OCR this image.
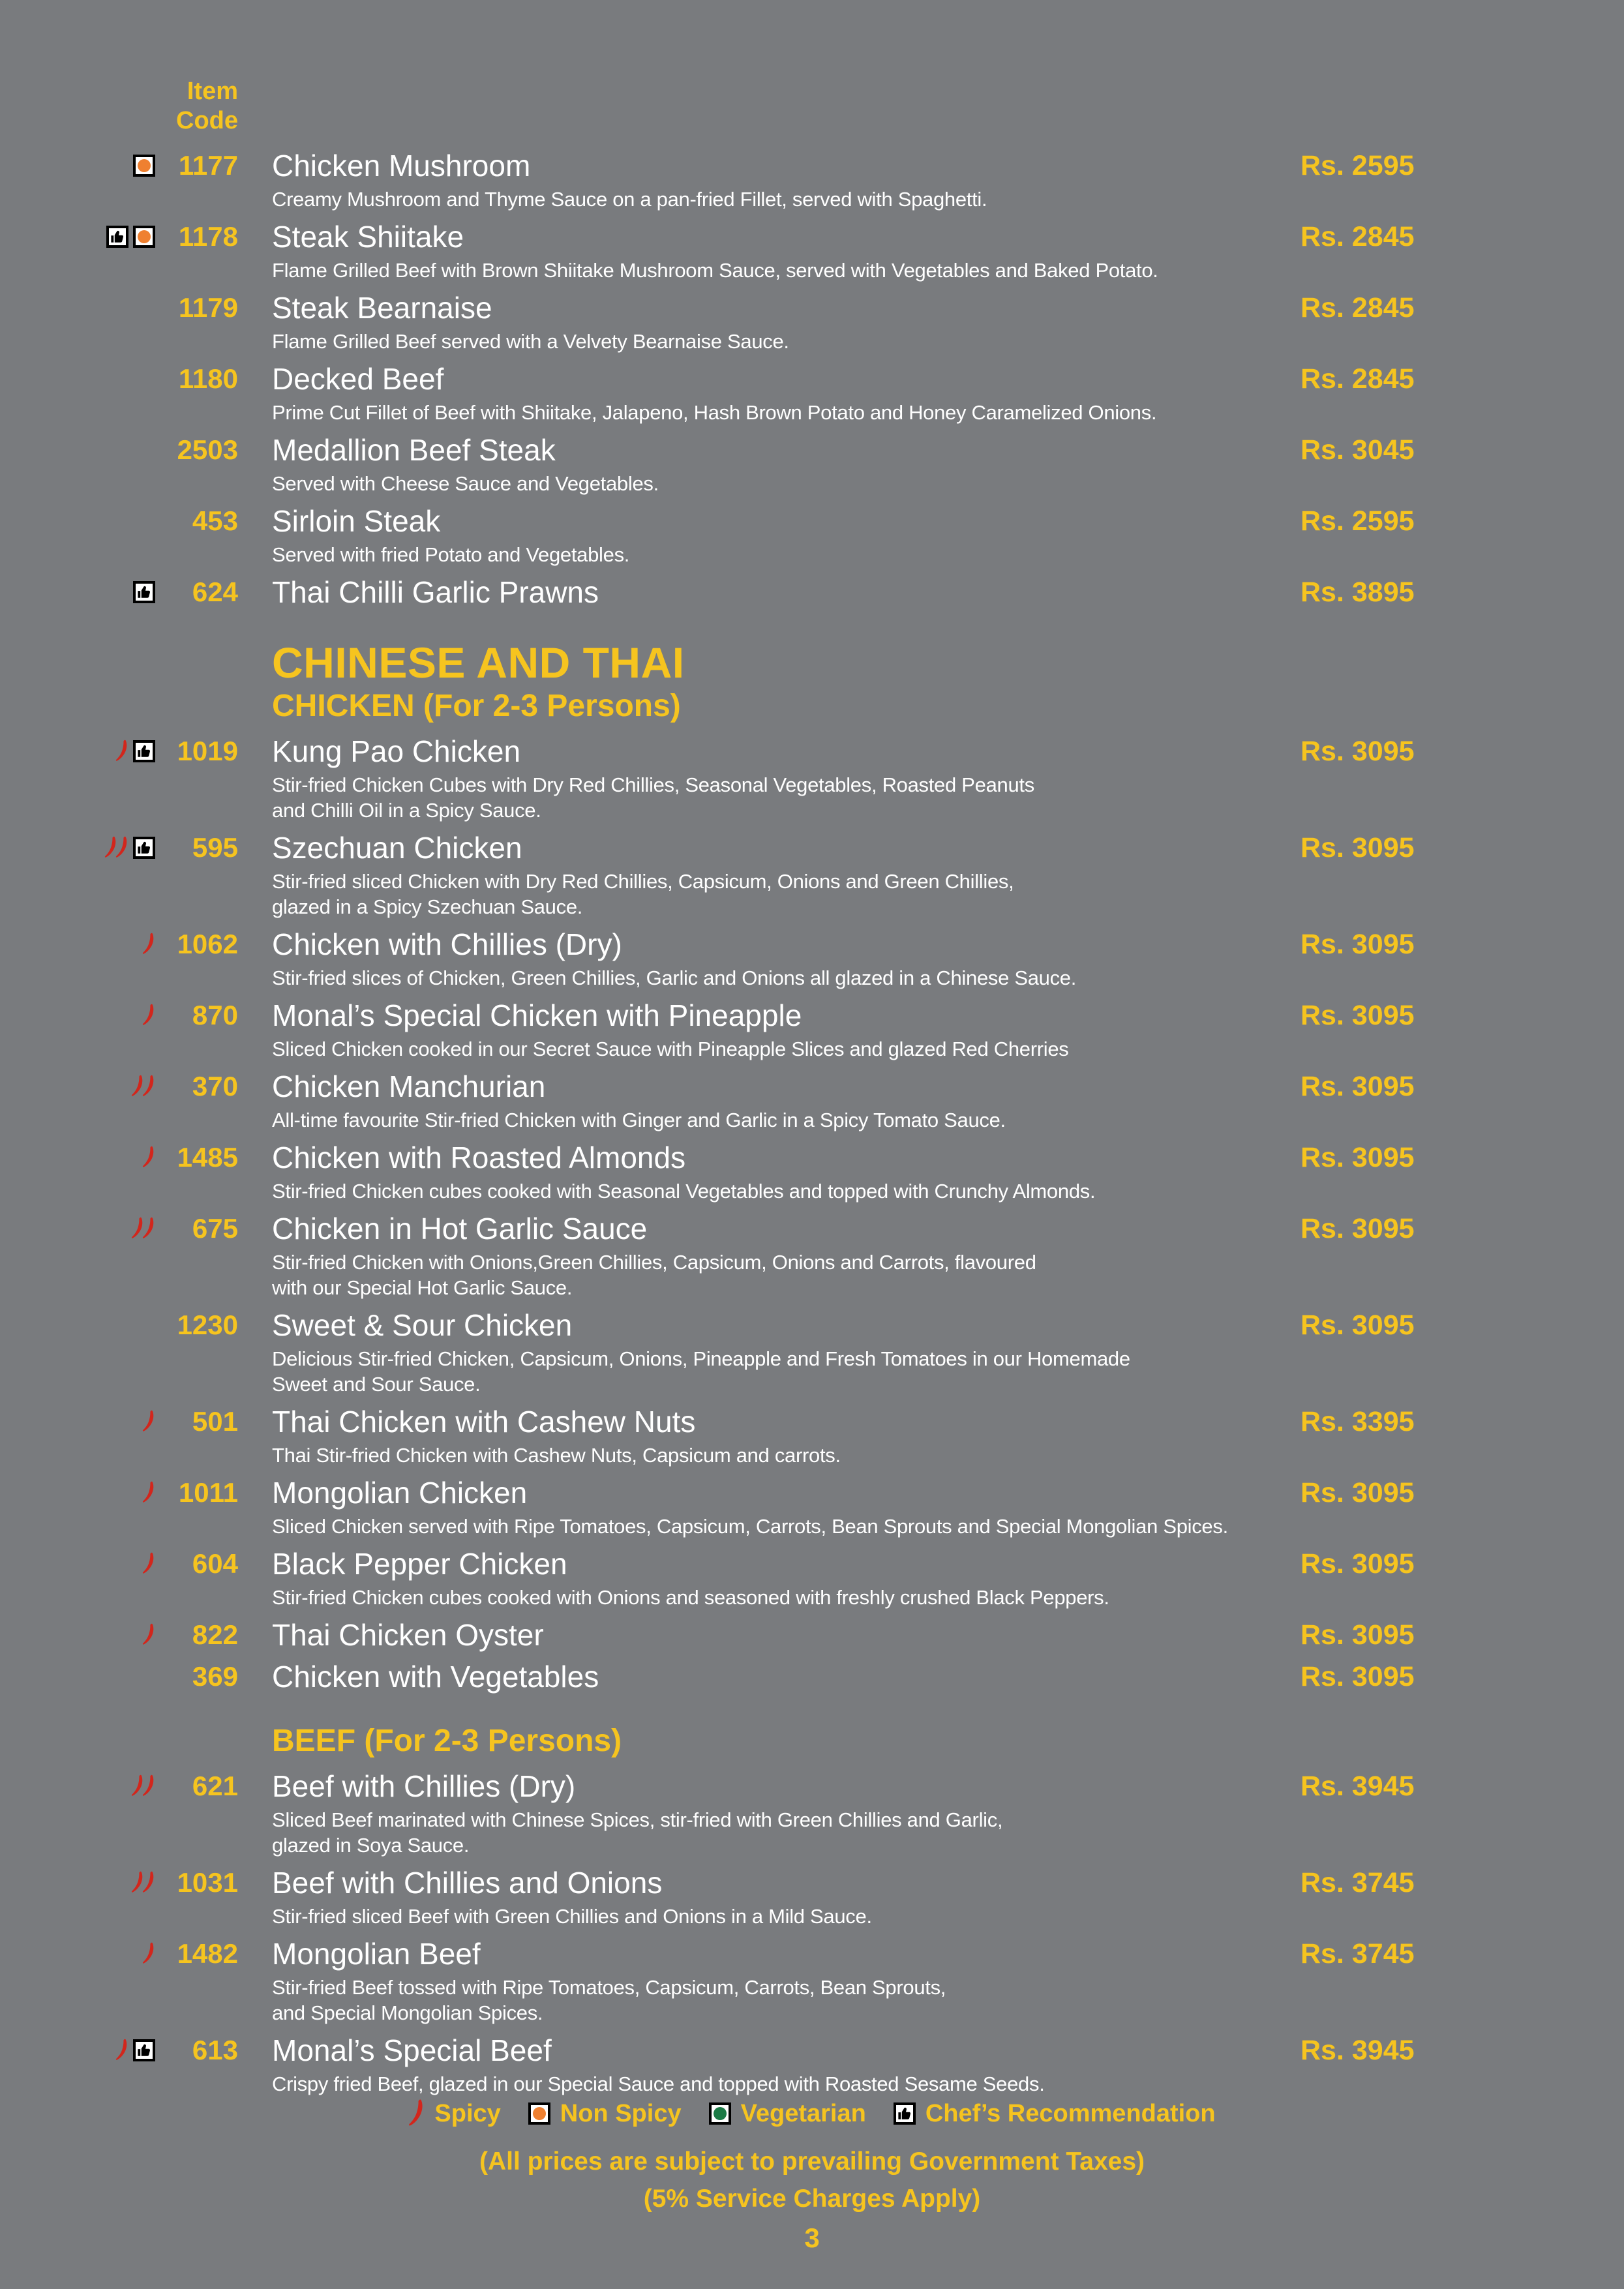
Item
Code
1177	Chicken Mushroom	Rs. 2595
Creamy Mushroom and Thyme Sauce on a pan-fried Fillet, served with Spaghetti.
1178	Steak Shiitake	Rs. 2845
Flame Grilled Beef with Brown Shiitake Mushroom Sauce, served with Vegetables and Baked Potato.
1179	Steak Bearnaise	Rs. 2845
Flame Grilled Beef served with a Velvety Bearnaise Sauce.
1180	Decked Beef	Rs. 2845
Prime Cut Fillet of Beef with Shiitake, Jalapeno, Hash Brown Potato and Honey Caramelized Onions.
2503	Medallion Beef Steak	Rs. 3045
Served with Cheese Sauce and Vegetables.
453	Sirloin Steak	Rs. 2595
Served with fried Potato and Vegetables.
624	Thai Chilli Garlic Prawns	Rs. 3895
CHINESE AND THAI
CHICKEN (For 2-3 Persons)
1019	Kung Pao Chicken	Rs. 3095
Stir-fried Chicken Cubes with Dry Red Chillies, Seasonal Vegetables, Roasted Peanuts
and Chilli Oil in a Spicy Sauce.
595	Szechuan Chicken	Rs. 3095
Stir-fried sliced Chicken with Dry Red Chillies, Capsicum, Onions and Green Chillies,
glazed in a Spicy Szechuan Sauce.
1062	Chicken with Chillies (Dry)	Rs. 3095
Stir-fried slices of Chicken, Green Chillies, Garlic and Onions all glazed in a Chinese Sauce.
870	Monal’s Special Chicken with Pineapple	Rs. 3095
Sliced Chicken cooked in our Secret Sauce with Pineapple Slices and glazed Red Cherries
370	Chicken Manchurian	Rs. 3095
All-time favourite Stir-fried Chicken with Ginger and Garlic in a Spicy Tomato Sauce.
1485	Chicken with Roasted Almonds	Rs. 3095
Stir-fried Chicken cubes cooked with Seasonal Vegetables and topped with Crunchy Almonds.
675	Chicken in Hot Garlic Sauce	Rs. 3095
Stir-fried Chicken with Onions,Green Chillies, Capsicum, Onions and Carrots, flavoured
with our Special Hot Garlic Sauce.
1230	Sweet & Sour Chicken	Rs. 3095
Delicious Stir-fried Chicken, Capsicum, Onions, Pineapple and Fresh Tomatoes in our Homemade
Sweet and Sour Sauce.
501	Thai Chicken with Cashew Nuts	Rs. 3395
Thai Stir-fried Chicken with Cashew Nuts, Capsicum and carrots.
1011	Mongolian Chicken	Rs. 3095
Sliced Chicken served with Ripe Tomatoes, Capsicum, Carrots, Bean Sprouts and Special Mongolian Spices.
604	Black Pepper Chicken	Rs. 3095
Stir-fried Chicken cubes cooked with Onions and seasoned with freshly crushed Black Peppers.
822	Thai Chicken Oyster	Rs. 3095
369	Chicken with Vegetables	Rs. 3095
BEEF (For 2-3 Persons)
621	Beef with Chillies (Dry)	Rs. 3945
Sliced Beef marinated with Chinese Spices, stir-fried with Green Chillies and Garlic,
glazed in Soya Sauce.
1031	Beef with Chillies and Onions	Rs. 3745
Stir-fried sliced Beef with Green Chillies and Onions in a Mild Sauce.
1482	Mongolian Beef	Rs. 3745
Stir-fried Beef tossed with Ripe Tomatoes, Capsicum, Carrots, Bean Sprouts,
and Special Mongolian Spices.
613	Monal’s Special Beef	Rs. 3945
Crispy fried Beef, glazed in our Special Sauce and topped with Roasted Sesame Seeds.
Spicy Non Spicy Vegetarian Chef’s Recommendation
(All prices are subject to prevailing Government Taxes)
(5% Service Charges Apply)
3
